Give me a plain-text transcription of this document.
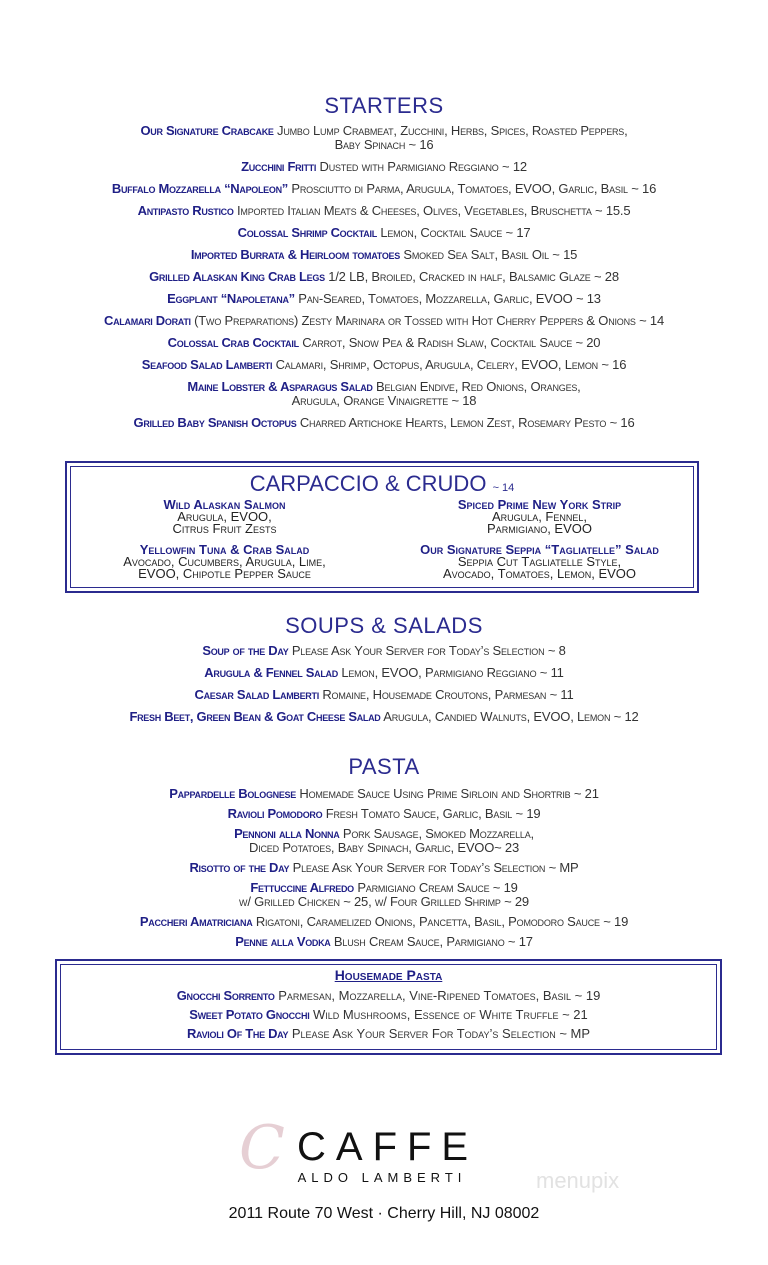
STARTERS
Our Signature Crabcake Jumbo Lump Crabmeat, Zucchini, Herbs, Spices, Roasted Peppers,
Baby Spinach ~ 16
Zucchini Fritti Dusted with Parmigiano Reggiano ~ 12
Buffalo Mozzarella “Napoleon” Prosciutto di Parma, Arugula, Tomatoes, EVOO, Garlic, Basil ~ 16
Antipasto Rustico Imported Italian Meats & Cheeses, Olives, Vegetables, Bruschetta ~ 15.5
Colossal Shrimp Cocktail Lemon, Cocktail Sauce ~ 17
Imported Burrata & Heirloom tomatoes Smoked Sea Salt, Basil Oil ~ 15
Grilled Alaskan King Crab Legs 1/2 LB, Broiled, Cracked in half, Balsamic Glaze ~ 28
Eggplant “Napoletana” Pan-Seared, Tomatoes, Mozzarella, Garlic, EVOO ~ 13
Calamari Dorati (Two Preparations) Zesty Marinara or Tossed with Hot Cherry Peppers & Onions ~ 14
Colossal Crab Cocktail Carrot, Snow Pea & Radish Slaw, Cocktail Sauce ~ 20
Seafood Salad Lamberti Calamari, Shrimp, Octopus, Arugula, Celery, EVOO, Lemon ~ 16
Maine Lobster & Asparagus Salad Belgian Endive, Red Onions, Oranges,
Arugula, Orange Vinaigrette ~ 18
Grilled Baby Spanish Octopus Charred Artichoke Hearts, Lemon Zest, Rosemary Pesto ~ 16
CARPACCIO & CRUDO ~ 14
Wild Alaskan Salmon
Arugula, EVOO,
Citrus Fruit Zests
Spiced Prime New York Strip
Arugula, Fennel,
Parmigiano, EVOO
Yellowfin Tuna & Crab Salad
Avocado, Cucumbers, Arugula, Lime,
EVOO, Chipotle Pepper Sauce
Our Signature Seppia “Tagliatelle” Salad
Seppia Cut Tagliatelle Style,
Avocado, Tomatoes, Lemon, EVOO
SOUPS & SALADS
Soup of the Day Please Ask Your Server for Today’s Selection ~ 8
Arugula & Fennel Salad Lemon, EVOO, Parmigiano Reggiano ~ 11
Caesar Salad Lamberti Romaine, Housemade Croutons, Parmesan ~ 11
Fresh Beet, Green Bean & Goat Cheese Salad Arugula, Candied Walnuts, EVOO, Lemon ~ 12
PASTA
Pappardelle Bolognese Homemade Sauce Using Prime Sirloin and Shortrib ~ 21
Ravioli Pomodoro Fresh Tomato Sauce, Garlic, Basil ~ 19
Pennoni alla Nonna Pork Sausage, Smoked Mozzarella,
Diced Potatoes, Baby Spinach, Garlic, EVOO~ 23
Risotto of the Day Please Ask Your Server for Today’s Selection ~ MP
Fettuccine Alfredo Parmigiano Cream Sauce ~ 19
w/ Grilled Chicken ~ 25, w/ Four Grilled Shrimp ~ 29
Paccheri Amatriciana Rigatoni, Caramelized Onions, Pancetta, Basil, Pomodoro Sauce ~ 19
Penne alla Vodka Blush Cream Sauce, Parmigiano ~ 17
Housemade Pasta
Gnocchi Sorrento Parmesan, Mozzarella, Vine-Ripened Tomatoes, Basil ~ 19
Sweet Potato Gnocchi Wild Mushrooms, Essence of White Truffle ~ 21
Ravioli Of The Day Please Ask Your Server For Today’s Selection ~ MP
C CAFFE
ALDO LAMBERTI	menupix
2011 Route 70 West · Cherry Hill, NJ 08002
